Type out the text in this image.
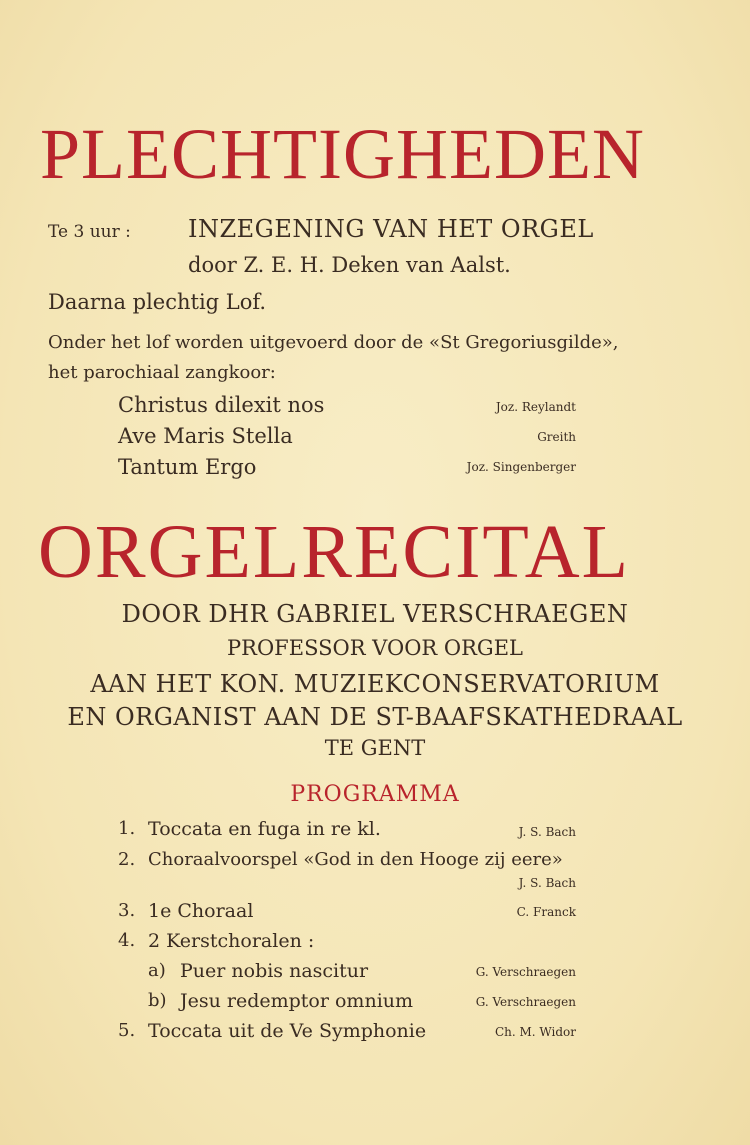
PLECHTIGHEDEN
Te 3 uur : INZEGENING VAN HET ORGEL
door Z. E. H. Deken van Aalst.
Daarna plechtig Lof.
Onder het lof worden uitgevoerd door de «St Gregoriusgilde»,
het parochiaal zangkoor:
Christus dilexit nos	Joz. Reylandt
Ave Maris Stella	Greith
Tantum Ergo	Joz. Singenberger
ORGELRECITAL
DOOR DHR GABRIEL VERSCHRAEGEN
PROFESSOR VOOR ORGEL
AAN HET KON. MUZIEKCONSERVATORIUM
EN ORGANIST AAN DE ST-BAAFSKATHEDRAAL
TE GENT
PROGRAMMA
1. Toccata en fuga in re kl.	J. S. Bach
2. Choraalvoorspel «God in den Hooge zij eere»
J. S. Bach
3. 1e Choraal	C. Franck
4. 2 Kerstchoralen :
a) Puer nobis nascitur	G. Verschraegen
b) Jesu redemptor omnium	G. Verschraegen
5. Toccata uit de Ve Symphonie	Ch. M. Widor
